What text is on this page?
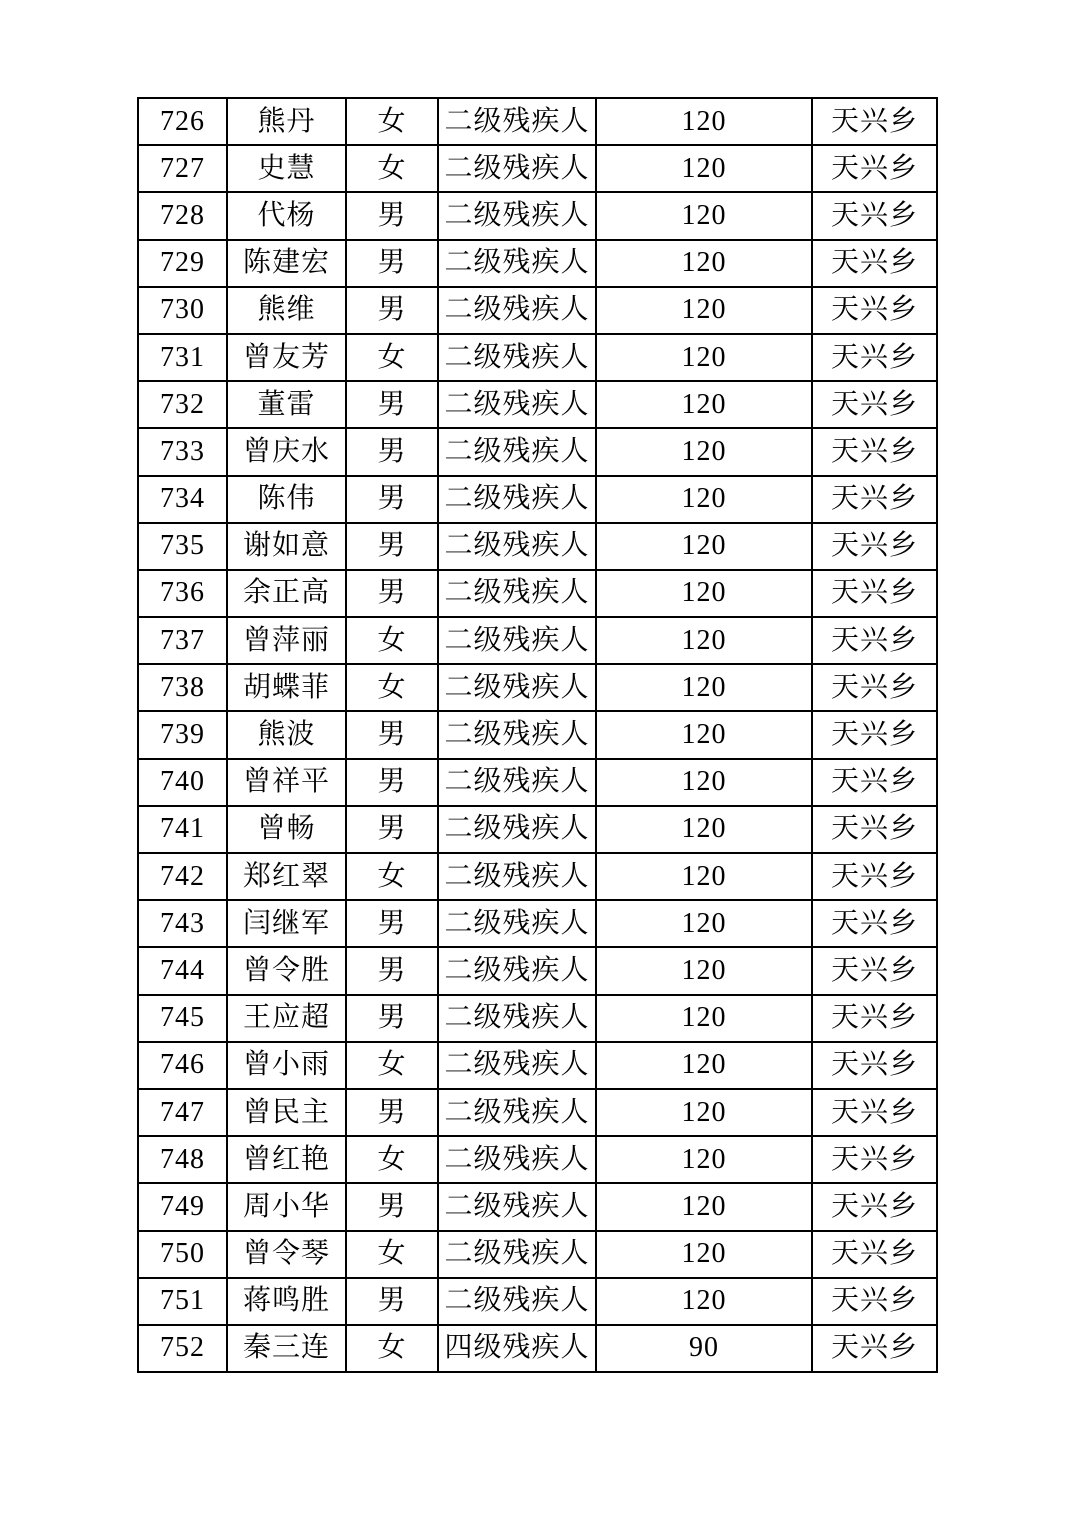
726	熊丹	女	二级残疾人	120	天兴乡
727	史慧	女	二级残疾人	120	天兴乡
728	代杨	男	二级残疾人	120	天兴乡
729	陈建宏	男	二级残疾人	120	天兴乡
730	熊维	男	二级残疾人	120	天兴乡
731	曾友芳	女	二级残疾人	120	天兴乡
732	董雷	男	二级残疾人	120	天兴乡
733	曾庆水	男	二级残疾人	120	天兴乡
734	陈伟	男	二级残疾人	120	天兴乡
735	谢如意	男	二级残疾人	120	天兴乡
736	余正高	男	二级残疾人	120	天兴乡
737	曾萍丽	女	二级残疾人	120	天兴乡
738	胡蝶菲	女	二级残疾人	120	天兴乡
739	熊波	男	二级残疾人	120	天兴乡
740	曾祥平	男	二级残疾人	120	天兴乡
741	曾畅	男	二级残疾人	120	天兴乡
742	郑红翠	女	二级残疾人	120	天兴乡
743	闫继军	男	二级残疾人	120	天兴乡
744	曾令胜	男	二级残疾人	120	天兴乡
745	王应超	男	二级残疾人	120	天兴乡
746	曾小雨	女	二级残疾人	120	天兴乡
747	曾民主	男	二级残疾人	120	天兴乡
748	曾红艳	女	二级残疾人	120	天兴乡
749	周小华	男	二级残疾人	120	天兴乡
750	曾令琴	女	二级残疾人	120	天兴乡
751	蒋鸣胜	男	二级残疾人	120	天兴乡
752	秦三连	女	四级残疾人	90	天兴乡
